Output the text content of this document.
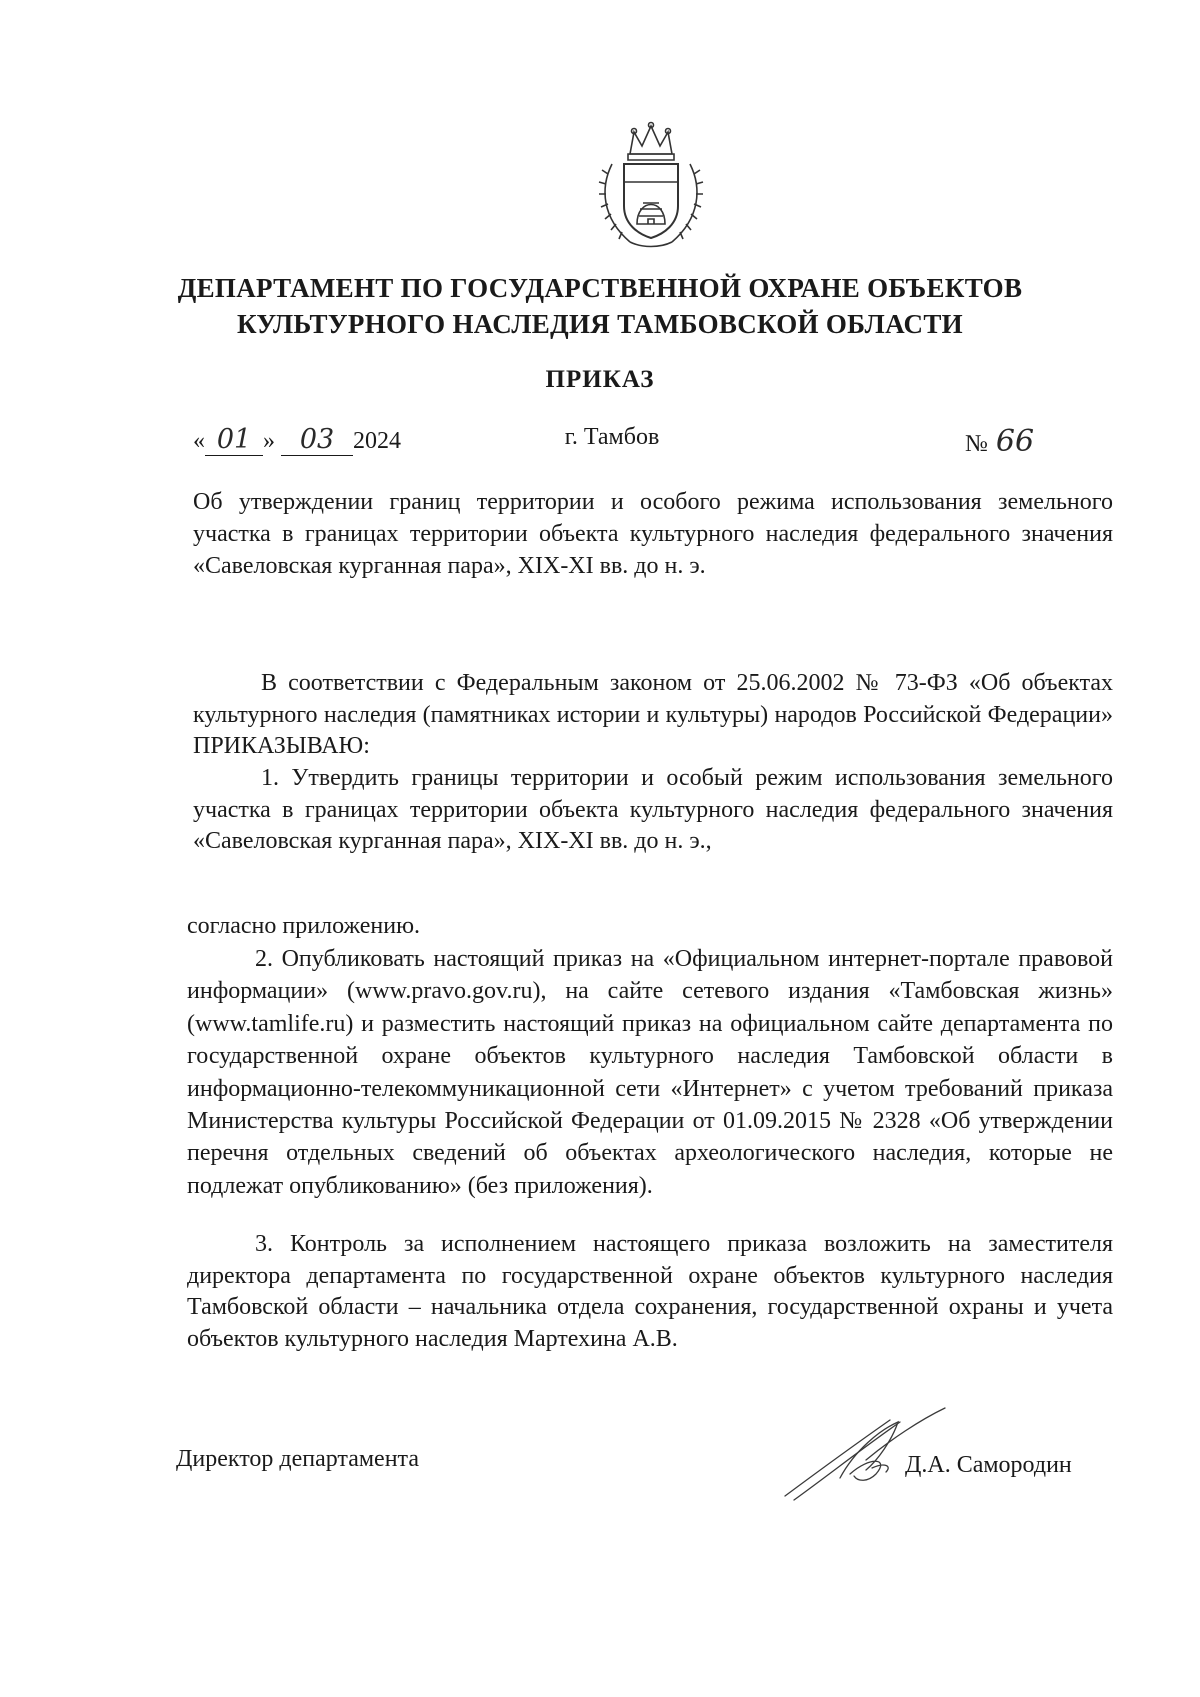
ДЕПАРТАМЕНТ ПО ГОСУДАРСТВЕННОЙ ОХРАНЕ ОБЪЕКТОВ
КУЛЬТУРНОГО НАСЛЕДИЯ ТАМБОВСКОЙ ОБЛАСТИ
ПРИКАЗ
« 01 » 03 2024	г. Тамбов	№ 66
Об утверждении границ территории и особого режима использования земельного участка в границах территории объекта культурного наследия федерального значения «Савеловская курганная пара», XIX-XI вв. до н. э.
В соответствии с Федеральным законом от 25.06.2002 № 73-ФЗ «Об объектах культурного наследия (памятниках истории и культуры) народов Российской Федерации» ПРИКАЗЫВАЮ:
1. Утвердить границы территории и особый режим использования земельного участка в границах территории объекта культурного наследия федерального значения «Савеловская курганная пара», XIX-XI вв. до н. э.,
согласно приложению.
2. Опубликовать настоящий приказ на «Официальном интернет-портале правовой информации» (www.pravo.gov.ru), на сайте сетевого издания «Тамбовская жизнь» (www.tamlife.ru) и разместить настоящий приказ на официальном сайте департамента по государственной охране объектов культурного наследия Тамбовской области в информационно-телекоммуникационной сети «Интернет» с учетом требований приказа Министерства культуры Российской Федерации от 01.09.2015 № 2328 «Об утверждении перечня отдельных сведений об объектах археологического наследия, которые не подлежат опубликованию» (без приложения).
3. Контроль за исполнением настоящего приказа возложить на заместителя директора департамента по государственной охране объектов культурного наследия Тамбовской области – начальника отдела сохранения, государственной охраны и учета объектов культурного наследия Мартехина А.В.
Директор департамента	Д.А. Самородин
